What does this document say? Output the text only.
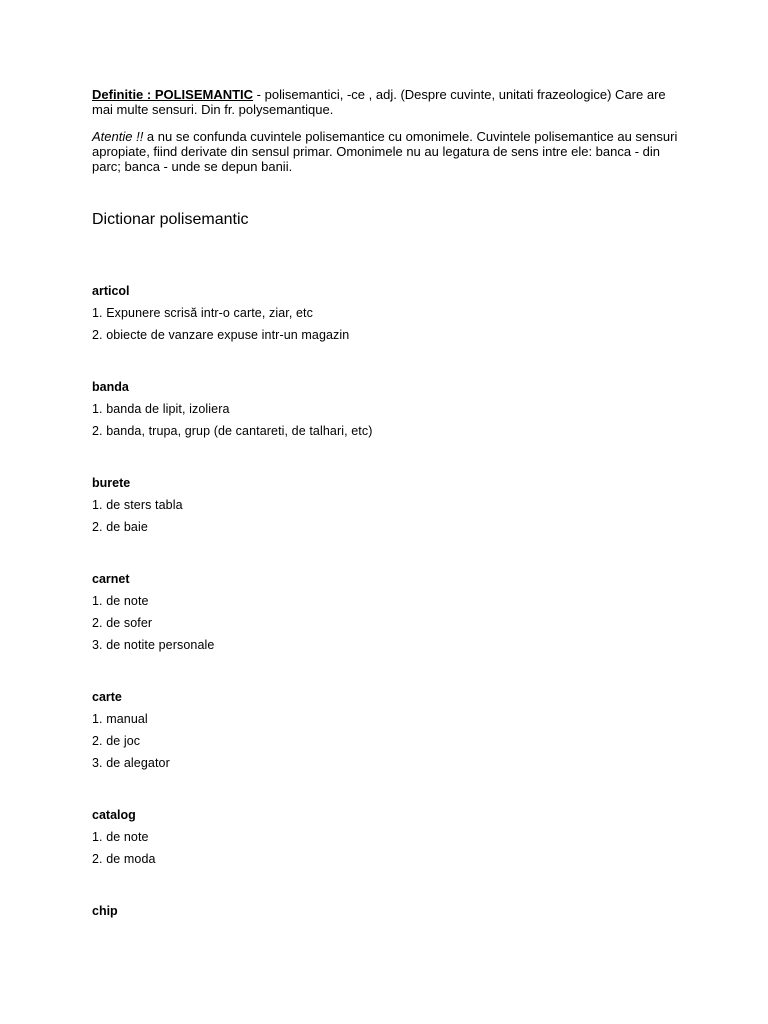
Definitie : POLISEMANTIC - polisemantici, -ce , adj. (Despre cuvinte, unitati frazeologice) Care are mai multe sensuri. Din fr. polysemantique.

Atentie !! a nu se confunda cuvintele polisemantice cu omonimele. Cuvintele polisemantice au sensuri apropiate, fiind derivate din sensul primar. Omonimele nu au legatura de sens intre ele: banca - din parc; banca - unde se depun banii.

Dictionar polisemantic
articol
1. Expunere scrisă intr-o carte, ziar, etc
2. obiecte de vanzare expuse intr-un magazin
banda
1. banda de lipit, izoliera
2. banda, trupa, grup (de cantareti, de talhari, etc)
burete
1. de sters tabla
2. de baie
carnet
1. de note
2. de sofer
3. de notite personale
carte
1. manual
2. de joc
3. de alegator
catalog
1. de note
2. de moda
chip
